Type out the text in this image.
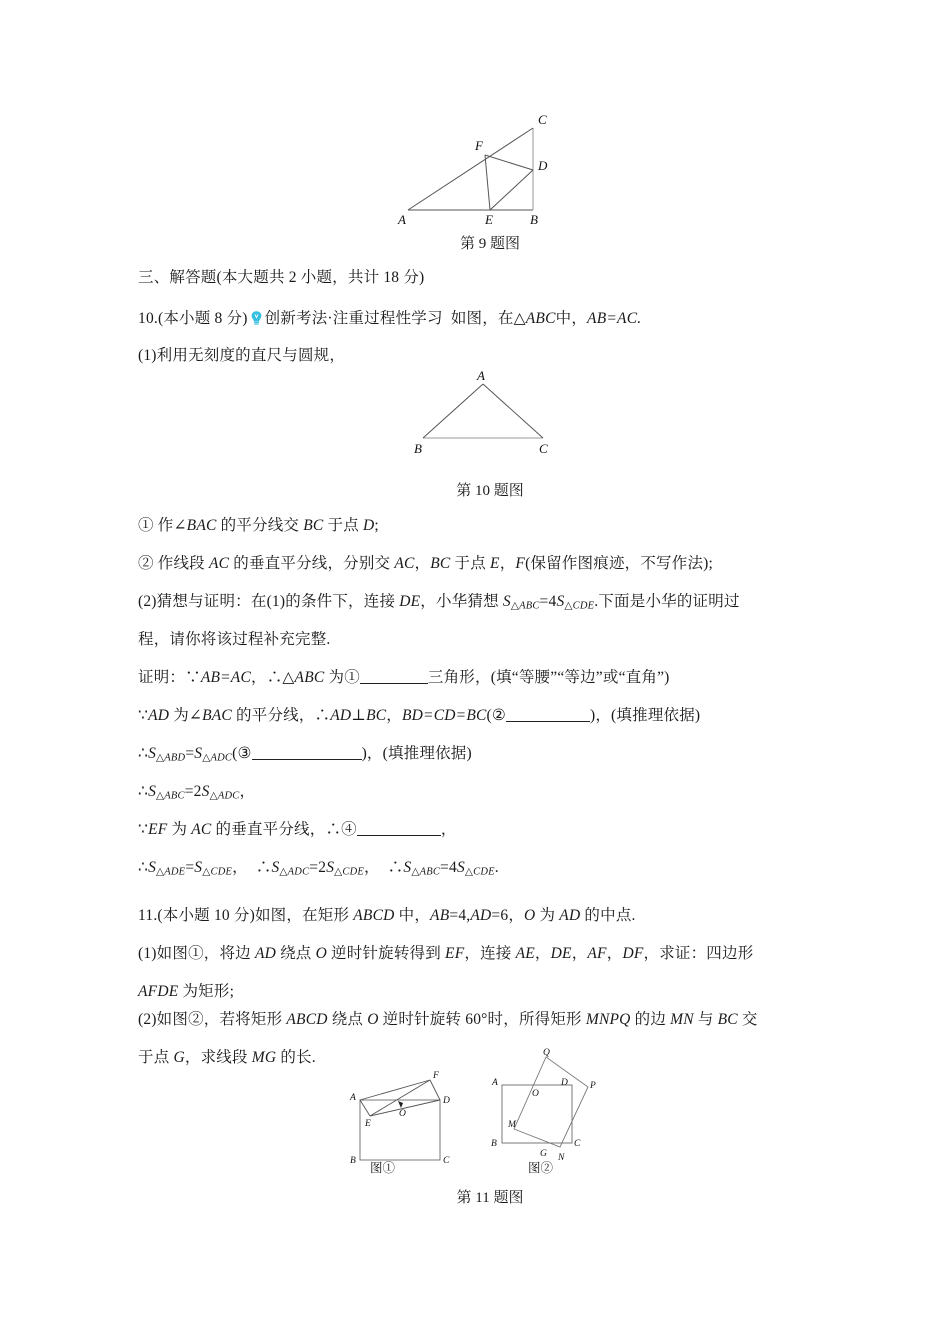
A	B
C
D
E
F
第 9 题图
三、解答题(本大题共 2 小题，共计 18 分)
10.(本小题 8 分) 创新考法·注重过程性学习 如图，在△ABC中，AB=AC.
(1)利用无刻度的直尺与圆规，
A
B	C
第 10 题图
① 作∠BAC 的平分线交 BC 于点 D;
② 作线段 AC 的垂直平分线，分别交 AC，BC 于点 E，F(保留作图痕迹，不写作法);
(2)猜想与证明：在(1)的条件下，连接 DE，小华猜想 $S_{\triangle ABC}=4S_{\triangle CDE}$.下面是小华的证明过
程，请你将该过程补充完整.
证明：∵AB=AC，∴△ABC 为①	三角形，(填“等腰”“等边”或“直角”)
∵AD 为∠BAC 的平分线，∴AD⊥BC，BD=CD=BC(②	)，(填推理依据)
$\therefore S_{\triangle ABD}=S_{\triangle ADC}(③$	)，(填推理依据)
$\therefore S_{\triangle ABC}=2S_{\triangle ADC}$，
∵EF 为 AC 的垂直平分线，∴④	，
$\therefore S_{\triangle ADE}=S_{\triangle CDE}$，　$\therefore S_{\triangle ADC}=2S_{\triangle CDE}$，　$\therefore S_{\triangle ABC}=4S_{\triangle CDE}$.
11.(本小题 10 分)如图，在矩形 ABCD 中，AB=4,AD=6，O 为 AD 的中点.
(1)如图①，将边 AD 绕点 O 逆时针旋转得到 EF，连接 AE，DE，AF，DF，求证：四边形
AFDE 为矩形;
(2)如图②，若将矩形 ABCD 绕点 O 逆时针旋转 60°时，所得矩形 MNPQ 的边 MN 与 BC 交
于点 G，求线段 MG 的长.
A
B	C
D
E
F
O
图①
A
B	C
D
O
M
N
P
Q
G
图②
第 11 题图
